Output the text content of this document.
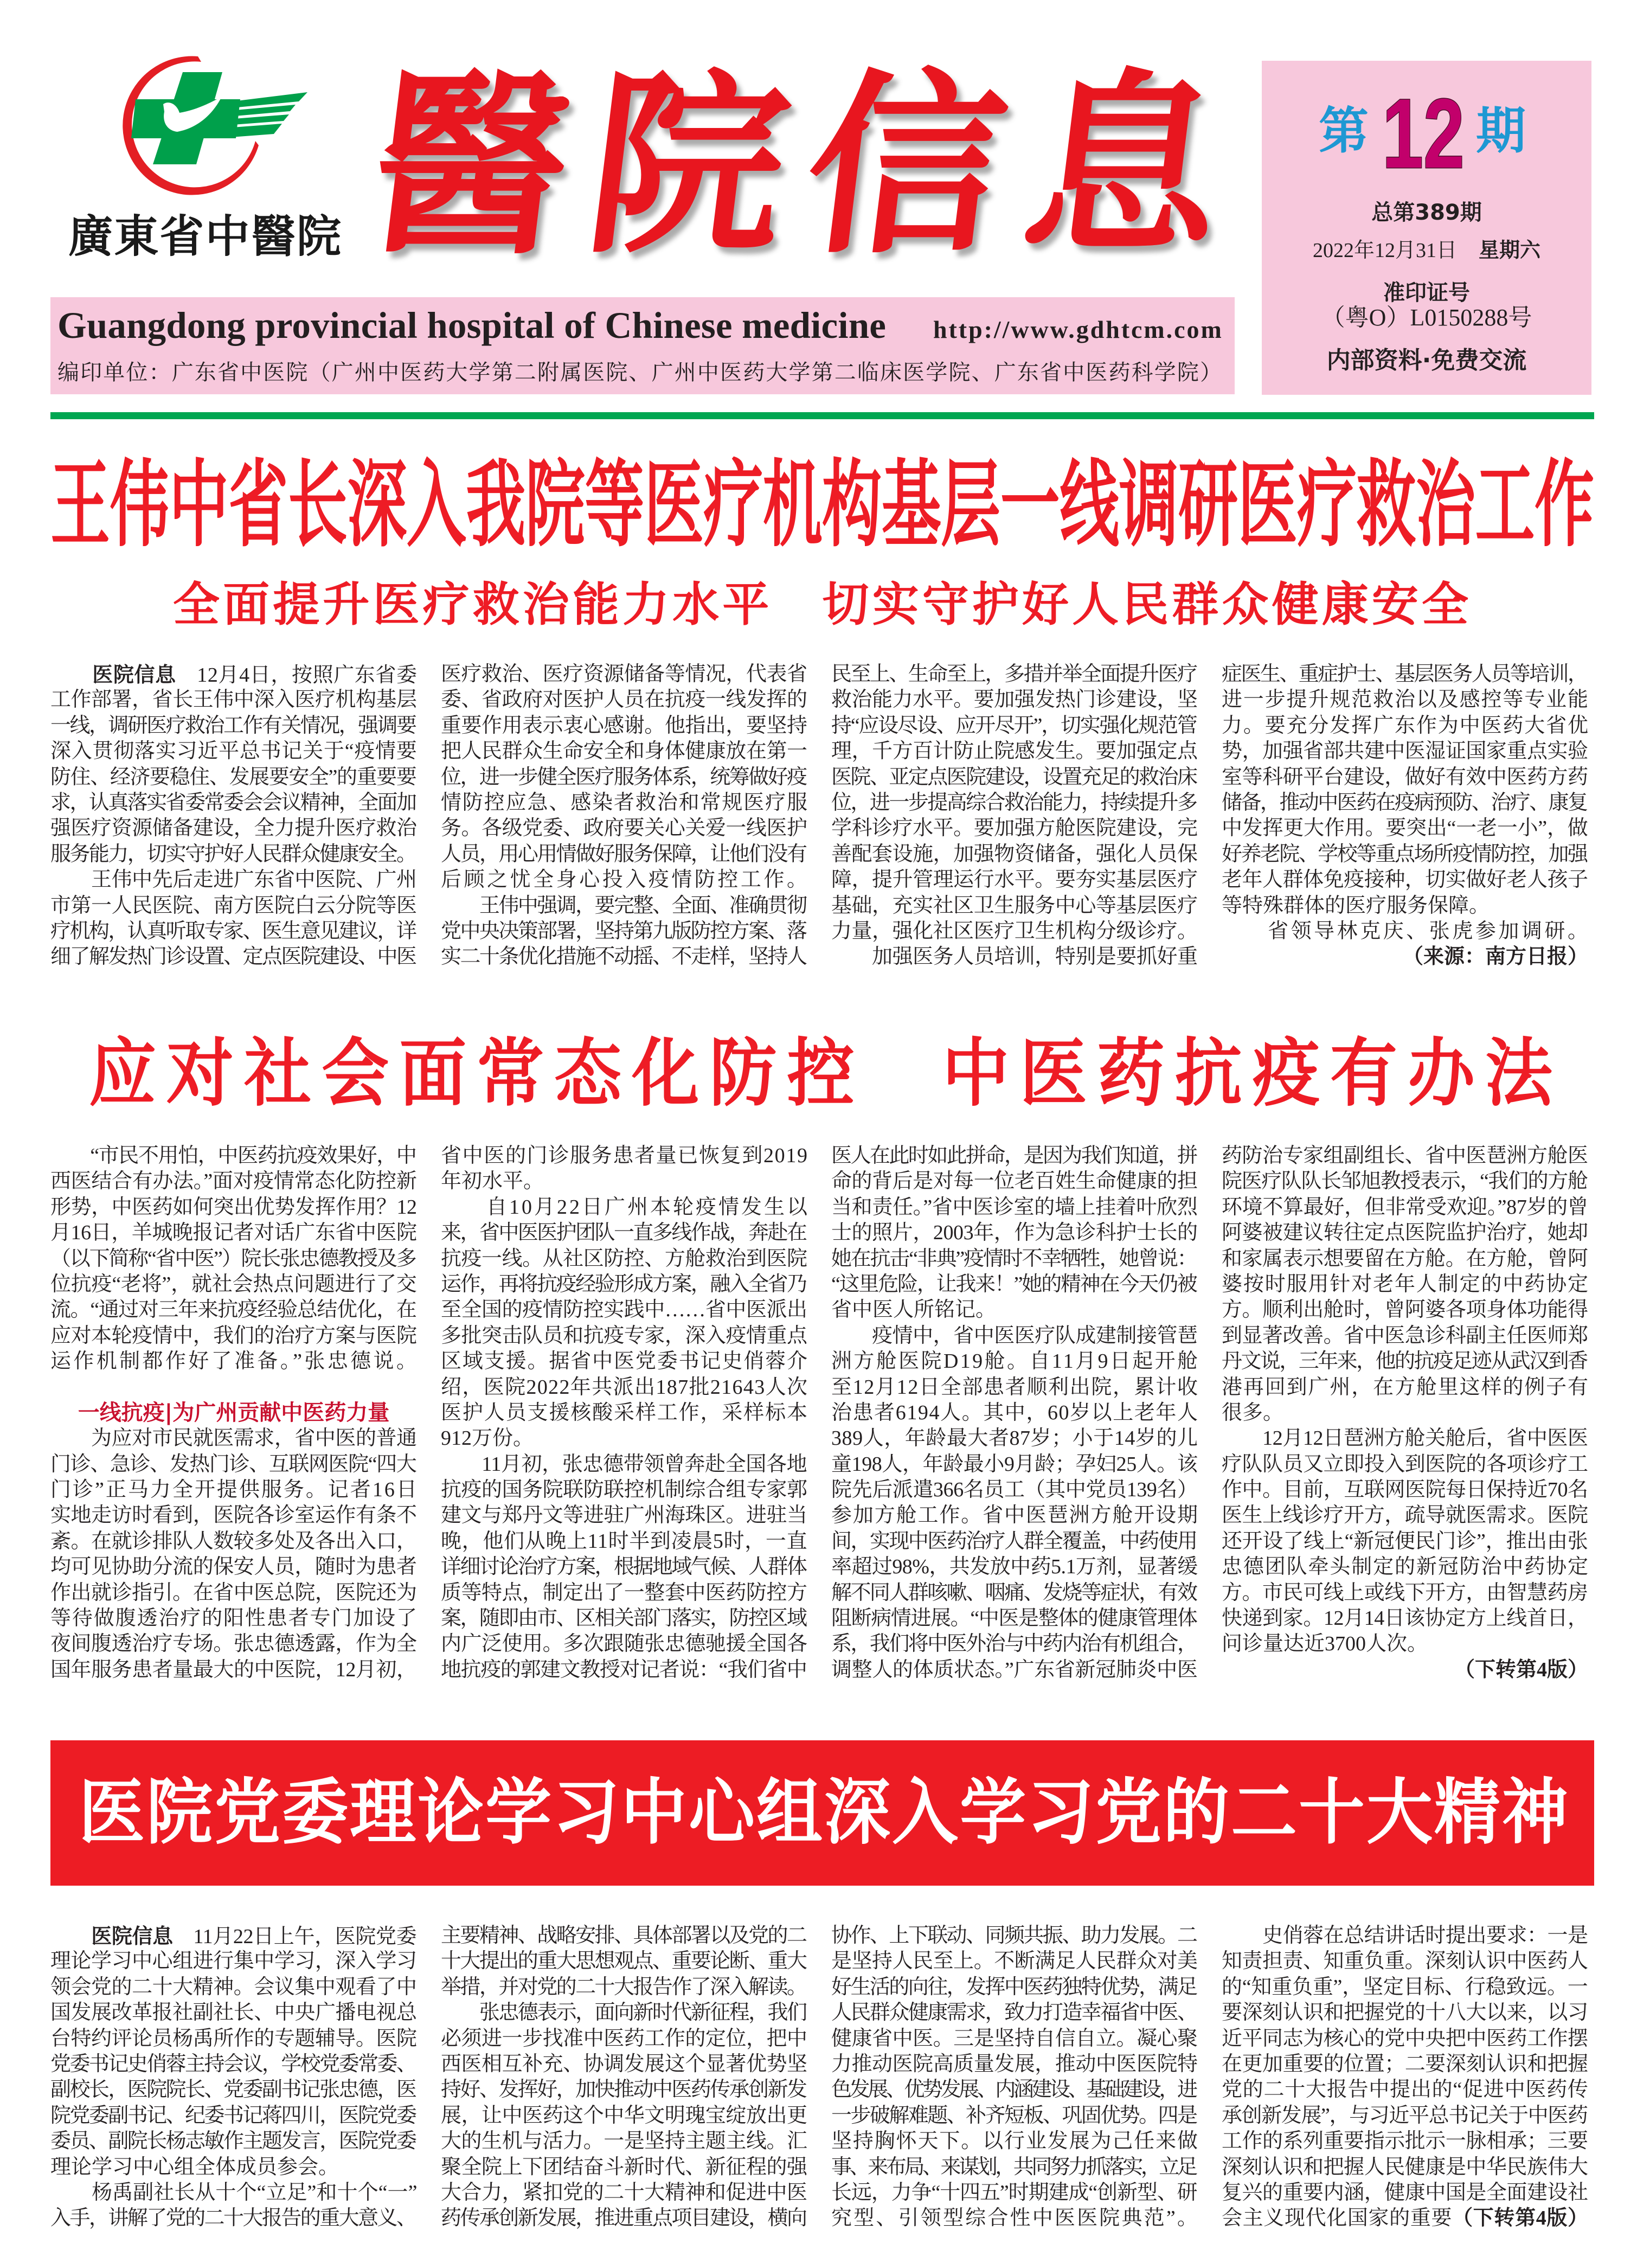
廣東省中醫院 醫院信息
Guangdong provincial hospital of Chinese medicine http://www.gdhtcm.com
编印单位：广东省中医院（广州中医药大学第二附属医院、广州中医药大学第二临床医学院、广东省中医药科学院）
第 12 期
总第389期
2022年12月31日 星期六
准印证号
（粤O）L0150288号
内部资料·免费交流
王伟中省长深入我院等医疗机构基层一线调研医疗救治工作
全面提升医疗救治能力水平　切实守护好人民群众健康安全
　　医院信息　12月4日，按照广东省委
工作部署，省长王伟中深入医疗机构基层
一线，调研医疗救治工作有关情况，强调要
深入贯彻落实习近平总书记关于“疫情要
防住、经济要稳住、发展要安全”的重要要
求，认真落实省委常委会会议精神，全面加
强医疗资源储备建设，全力提升医疗救治
服务能力，切实守护好人民群众健康安全。
　　王伟中先后走进广东省中医院、广州
市第一人民医院、南方医院白云分院等医
疗机构，认真听取专家、医生意见建议，详
细了解发热门诊设置、定点医院建设、中医
医疗救治、医疗资源储备等情况，代表省
委、省政府对医护人员在抗疫一线发挥的
重要作用表示衷心感谢。他指出，要坚持
把人民群众生命安全和身体健康放在第一
位，进一步健全医疗服务体系，统筹做好疫
情防控应急、感染者救治和常规医疗服
务。各级党委、政府要关心关爱一线医护
人员，用心用情做好服务保障，让他们没有
后顾之忧全身心投入疫情防控工作。
　　王伟中强调，要完整、全面、准确贯彻
党中央决策部署，坚持第九版防控方案、落
实二十条优化措施不动摇、不走样，坚持人
民至上、生命至上，多措并举全面提升医疗
救治能力水平。要加强发热门诊建设，坚
持“应设尽设、应开尽开”，切实强化规范管
理，千方百计防止院感发生。要加强定点
医院、亚定点医院建设，设置充足的救治床
位，进一步提高综合救治能力，持续提升多
学科诊疗水平。要加强方舱医院建设，完
善配套设施，加强物资储备，强化人员保
障，提升管理运行水平。要夯实基层医疗
基础，充实社区卫生服务中心等基层医疗
力量，强化社区医疗卫生机构分级诊疗。
　　加强医务人员培训，特别是要抓好重
症医生、重症护士、基层医务人员等培训，
进一步提升规范救治以及感控等专业能
力。要充分发挥广东作为中医药大省优
势，加强省部共建中医湿证国家重点实验
室等科研平台建设，做好有效中医药方药
储备，推动中医药在疫病预防、治疗、康复
中发挥更大作用。要突出“一老一小”，做
好养老院、学校等重点场所疫情防控，加强
老年人群体免疫接种，切实做好老人孩子
等特殊群体的医疗服务保障。
　　省领导林克庆、张虎参加调研。
（来源：南方日报）
应对社会面常态化防控　中医药抗疫有办法
　　“市民不用怕，中医药抗疫效果好，中
西医结合有办法。”面对疫情常态化防控新
形势，中医药如何突出优势发挥作用？12
月16日，羊城晚报记者对话广东省中医院
（以下简称“省中医”）院长张忠德教授及多
位抗疫“老将”，就社会热点问题进行了交
流。“通过对三年来抗疫经验总结优化，在
应对本轮疫情中，我们的治疗方案与医院
运作机制都作好了准备。”张忠德说。
一线抗疫|为广州贡献中医药力量
　　为应对市民就医需求，省中医的普通
门诊、急诊、发热门诊、互联网医院“四大
门诊”正马力全开提供服务。记者16日
实地走访时看到，医院各诊室运作有条不
紊。在就诊排队人数较多处及各出入口，
均可见协助分流的保安人员，随时为患者
作出就诊指引。在省中医总院，医院还为
等待做腹透治疗的阳性患者专门加设了
夜间腹透治疗专场。张忠德透露，作为全
国年服务患者量最大的中医院，12月初，
省中医的门诊服务患者量已恢复到2019
年初水平。
　　自10月22日广州本轮疫情发生以
来，省中医医护团队一直多线作战，奔赴在
抗疫一线。从社区防控、方舱救治到医院
运作，再将抗疫经验形成方案，融入全省乃
至全国的疫情防控实践中……省中医派出
多批突击队员和抗疫专家，深入疫情重点
区域支援。据省中医党委书记史俏蓉介
绍，医院2022年共派出187批21643人次
医护人员支援核酸采样工作，采样标本
912万份。
　　11月初，张忠德带领曾奔赴全国各地
抗疫的国务院联防联控机制综合组专家郭
建文与郑丹文等进驻广州海珠区。进驻当
晚，他们从晚上11时半到凌晨5时，一直
详细讨论治疗方案，根据地域气候、人群体
质等特点，制定出了一整套中医药防控方
案，随即由市、区相关部门落实，防控区域
内广泛使用。多次跟随张忠德驰援全国各
地抗疫的郭建文教授对记者说：“我们省中
医人在此时如此拼命，是因为我们知道，拼
命的背后是对每一位老百姓生命健康的担
当和责任。”省中医诊室的墙上挂着叶欣烈
士的照片，2003年，作为急诊科护士长的
她在抗击“非典”疫情时不幸牺牲，她曾说：
“这里危险，让我来！”她的精神在今天仍被
省中医人所铭记。
　　疫情中，省中医医疗队成建制接管琶
洲方舱医院D19舱。自11月9日起开舱
至12月12日全部患者顺利出院，累计收
治患者6194人。其中，60岁以上老年人
389人，年龄最大者87岁；小于14岁的儿
童198人，年龄最小9月龄；孕妇25人。该
院先后派遣366名员工（其中党员139名）
参加方舱工作。省中医琶洲方舱开设期
间，实现中医药治疗人群全覆盖，中药使用
率超过98%，共发放中药5.1万剂，显著缓
解不同人群咳嗽、咽痛、发烧等症状，有效
阻断病情进展。“中医是整体的健康管理体
系，我们将中医外治与中药内治有机组合，
调整人的体质状态。”广东省新冠肺炎中医
药防治专家组副组长、省中医琶洲方舱医
院医疗队队长邹旭教授表示，“我们的方舱
环境不算最好，但非常受欢迎。”87岁的曾
阿婆被建议转往定点医院监护治疗，她却
和家属表示想要留在方舱。在方舱，曾阿
婆按时服用针对老年人制定的中药协定
方。顺利出舱时，曾阿婆各项身体功能得
到显著改善。省中医急诊科副主任医师郑
丹文说，三年来，他的抗疫足迹从武汉到香
港再回到广州，在方舱里这样的例子有
很多。
　　12月12日琶洲方舱关舱后，省中医医
疗队队员又立即投入到医院的各项诊疗工
作中。目前，互联网医院每日保持近70名
医生上线诊疗开方，疏导就医需求。医院
还开设了线上“新冠便民门诊”，推出由张
忠德团队牵头制定的新冠防治中药协定
方。市民可线上或线下开方，由智慧药房
快递到家。12月14日该协定方上线首日，
问诊量达近3700人次。
（下转第4版）
医院党委理论学习中心组深入学习党的二十大精神
　　医院信息　11月22日上午，医院党委
理论学习中心组进行集中学习，深入学习
领会党的二十大精神。会议集中观看了中
国发展改革报社副社长、中央广播电视总
台特约评论员杨禹所作的专题辅导。医院
党委书记史俏蓉主持会议，学校党委常委、
副校长，医院院长、党委副书记张忠德，医
院党委副书记、纪委书记蒋四川，医院党委
委员、副院长杨志敏作主题发言，医院党委
理论学习中心组全体成员参会。
　　杨禹副社长从十个“立足”和十个“一”
入手，讲解了党的二十大报告的重大意义、
主要精神、战略安排、具体部署以及党的二
十大提出的重大思想观点、重要论断、重大
举措，并对党的二十大报告作了深入解读。
　　张忠德表示，面向新时代新征程，我们
必须进一步找准中医药工作的定位，把中
西医相互补充、协调发展这个显著优势坚
持好、发挥好，加快推动中医药传承创新发
展，让中医药这个中华文明瑰宝绽放出更
大的生机与活力。一是坚持主题主线。汇
聚全院上下团结奋斗新时代、新征程的强
大合力，紧扣党的二十大精神和促进中医
药传承创新发展，推进重点项目建设，横向
协作、上下联动、同频共振、助力发展。二
是坚持人民至上。不断满足人民群众对美
好生活的向往，发挥中医药独特优势，满足
人民群众健康需求，致力打造幸福省中医、
健康省中医。三是坚持自信自立。凝心聚
力推动医院高质量发展，推动中医医院特
色发展、优势发展、内涵建设、基础建设，进
一步破解难题、补齐短板、巩固优势。四是
坚持胸怀天下。以行业发展为己任来做
事、来布局、来谋划，共同努力抓落实，立足
长远，力争“十四五”时期建成“创新型、研
究型、引领型综合性中医医院典范”。
　　史俏蓉在总结讲话时提出要求：一是
知责担责、知重负重。深刻认识中医药人
的“知重负重”，坚定目标、行稳致远。一
要深刻认识和把握党的十八大以来，以习
近平同志为核心的党中央把中医药工作摆
在更加重要的位置；二要深刻认识和把握
党的二十大报告中提出的“促进中医药传
承创新发展”，与习近平总书记关于中医药
工作的系列重要指示批示一脉相承；三要
深刻认识和把握人民健康是中华民族伟大
复兴的重要内涵，健康中国是全面建设社
会主义现代化国家的重要（下转第4版）
